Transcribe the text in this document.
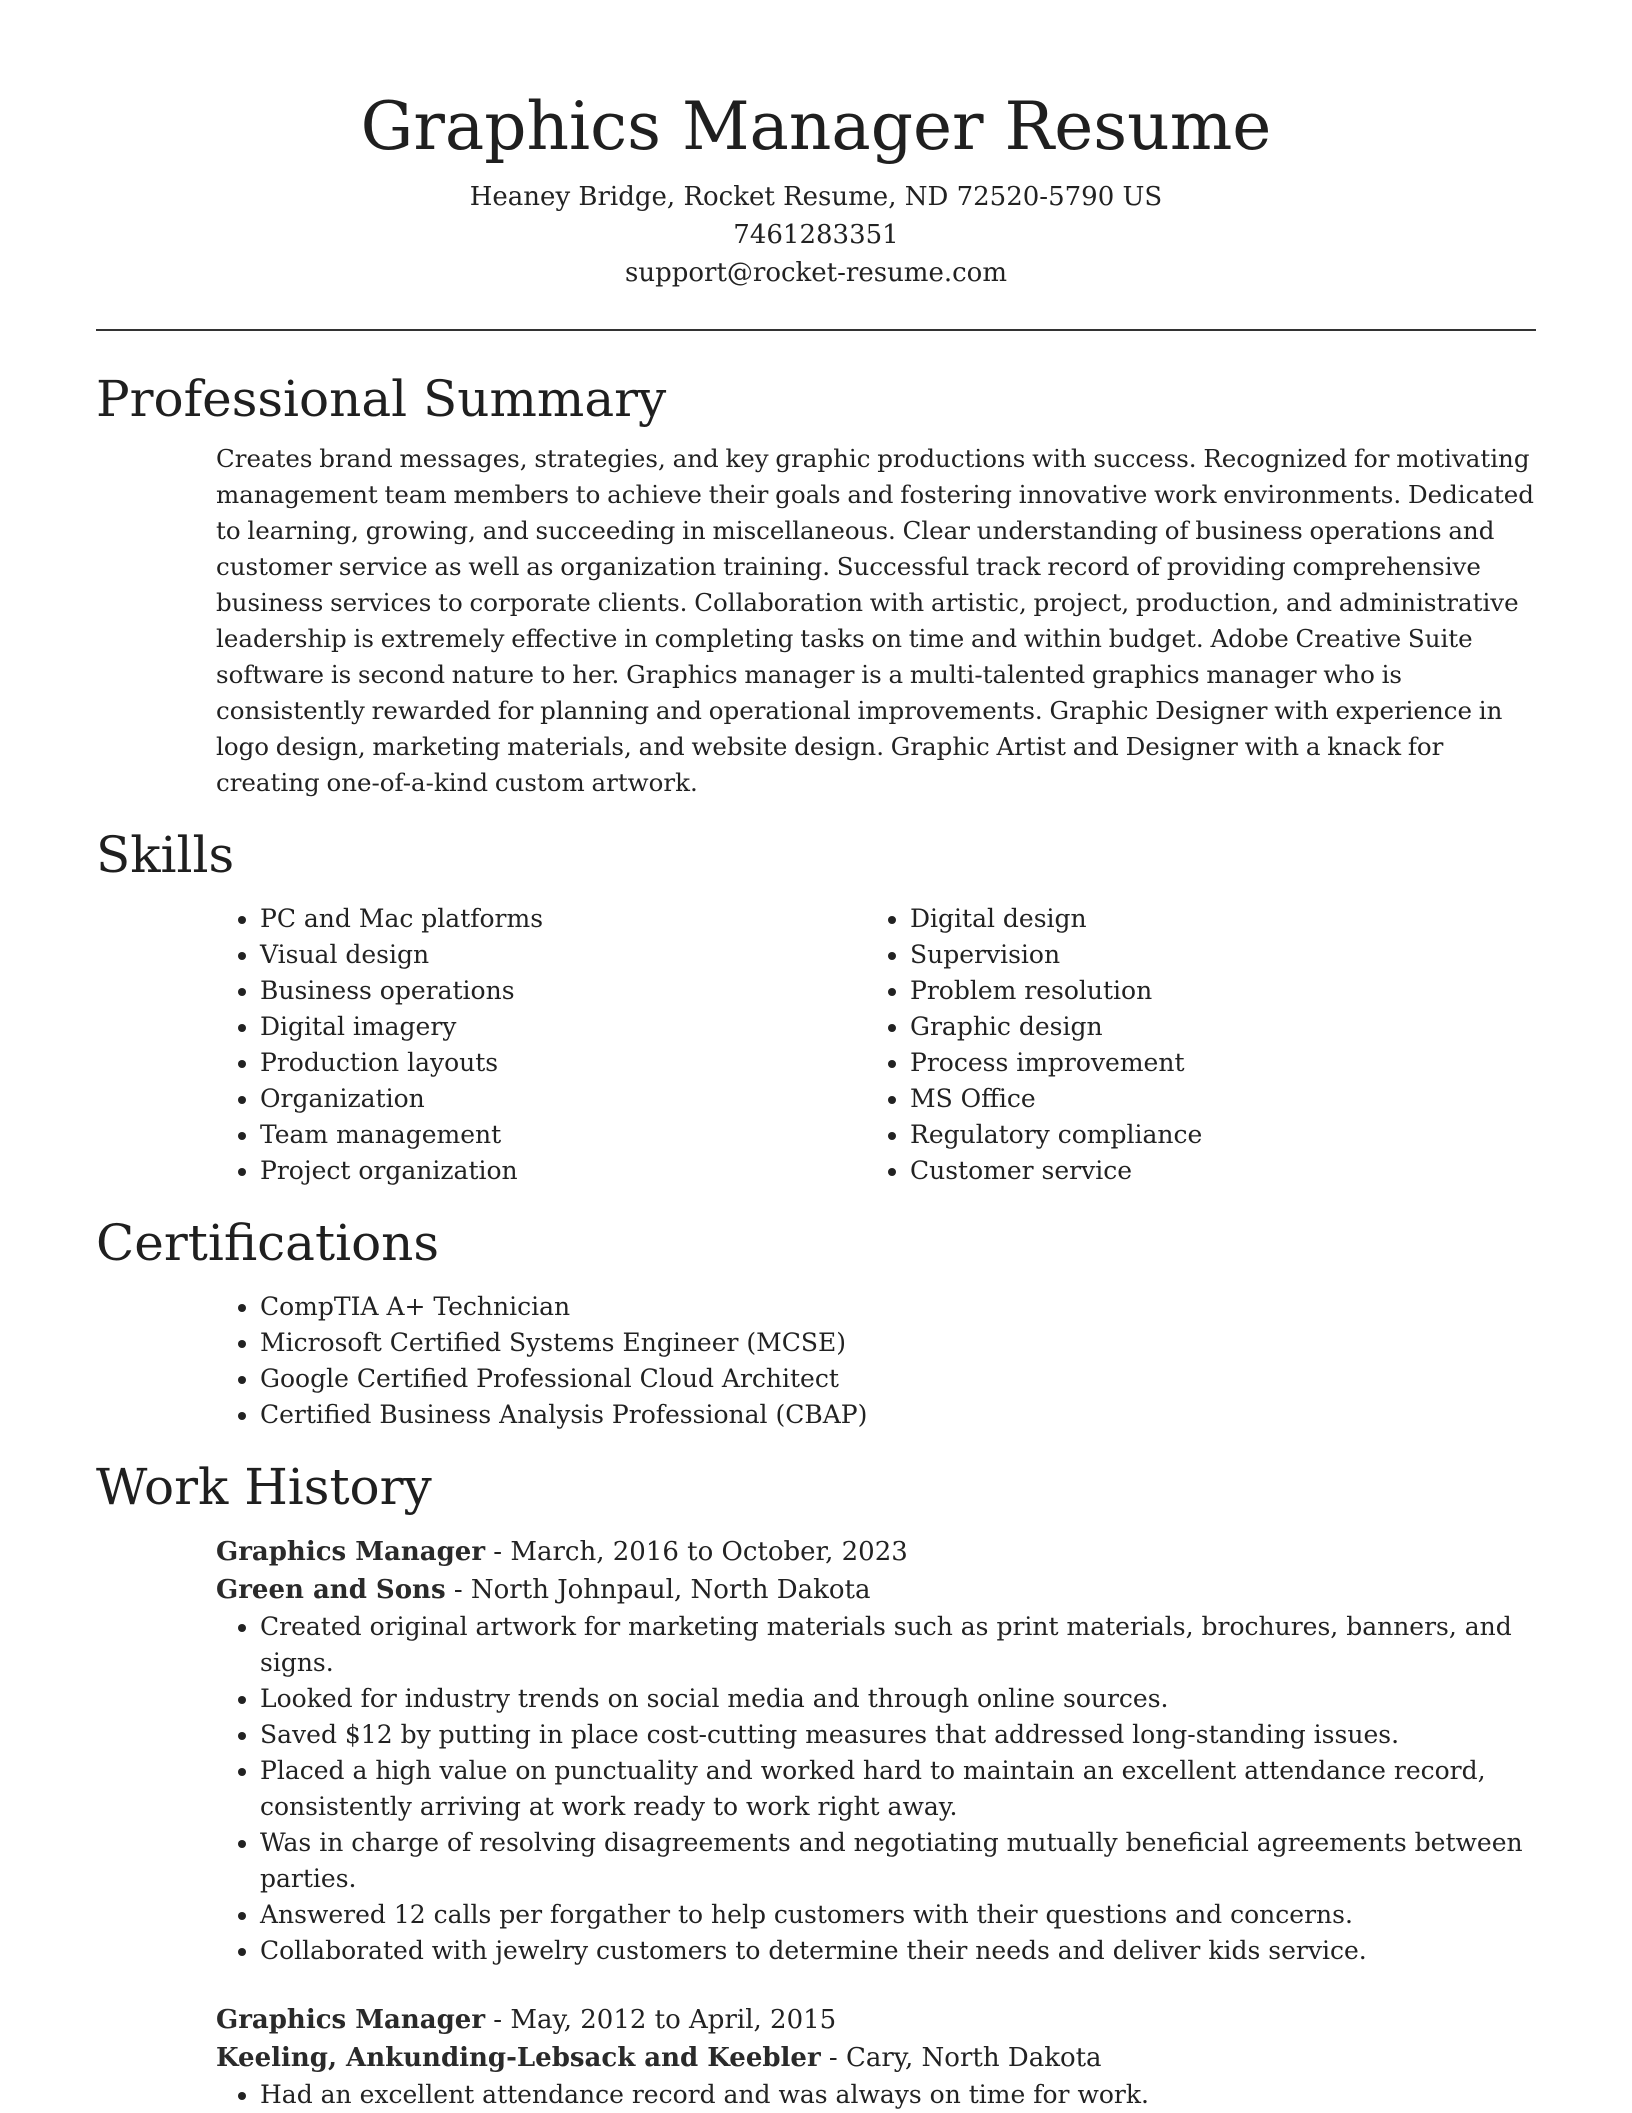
Graphics Manager Resume
Heaney Bridge, Rocket Resume, ND 72520-5790 US
7461283351
support@rocket-resume.com
Professional Summary
Creates brand messages, strategies, and key graphic productions with success. Recognized for motivating management team members to achieve their goals and fostering innovative work environments. Dedicated to learning, growing, and succeeding in miscellaneous. Clear understanding of business operations and customer service as well as organization training. Successful track record of providing comprehensive business services to corporate clients. Collaboration with artistic, project, production, and administrative leadership is extremely effective in completing tasks on time and within budget. Adobe Creative Suite software is second nature to her. Graphics manager is a multi-talented graphics manager who is consistently rewarded for planning and operational improvements. Graphic Designer with experience in logo design, marketing materials, and website design. Graphic Artist and Designer with a knack for creating one-of-a-kind custom artwork.
Skills
• PC and Mac platforms
• Visual design
• Business operations
• Digital imagery
• Production layouts
• Organization
• Team management
• Project organization
• Digital design
• Supervision
• Problem resolution
• Graphic design
• Process improvement
• MS Office
• Regulatory compliance
• Customer service
Certifications
• CompTIA A+ Technician
• Microsoft Certified Systems Engineer (MCSE)
• Google Certified Professional Cloud Architect
• Certified Business Analysis Professional (CBAP)
Work History
Graphics Manager - March, 2016 to October, 2023
Green and Sons - North Johnpaul, North Dakota
• Created original artwork for marketing materials such as print materials, brochures, banners, and signs.
• Looked for industry trends on social media and through online sources.
• Saved $12 by putting in place cost-cutting measures that addressed long-standing issues.
• Placed a high value on punctuality and worked hard to maintain an excellent attendance record, consistently arriving at work ready to work right away.
• Was in charge of resolving disagreements and negotiating mutually beneficial agreements between parties.
• Answered 12 calls per forgather to help customers with their questions and concerns.
• Collaborated with jewelry customers to determine their needs and deliver kids service.
Graphics Manager - May, 2012 to April, 2015
Keeling, Ankunding-Lebsack and Keebler - Cary, North Dakota
• Had an excellent attendance record and was always on time for work.
